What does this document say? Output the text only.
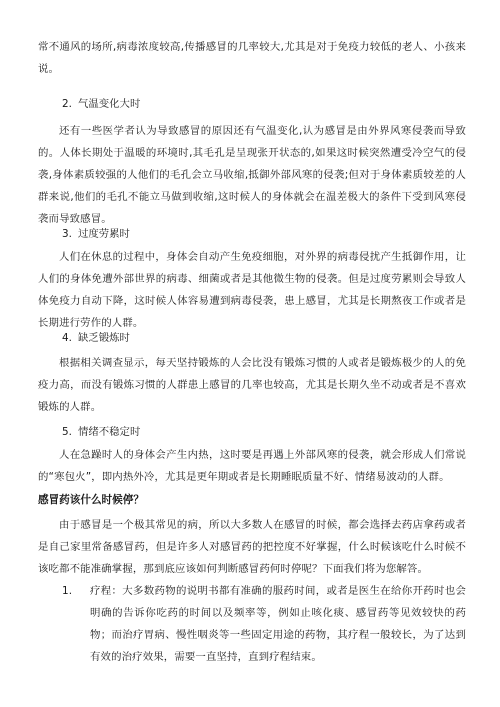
常不通风的场所,病毒浓度较高,传播感冒的几率较大,尤其是对于免疫力较低的老人、小孩来说。

2. 气温变化大时

还有一些医学者认为导致感冒的原因还有气温变化,认为感冒是由外界风寒侵袭而导致的。人体长期处于温暖的环境时,其毛孔是呈现张开状态的,如果这时候突然遭受冷空气的侵袭,身体素质较强的人他们的毛孔会立马收缩,抵御外部风寒的侵袭;但对于身体素质较差的人群来说,他们的毛孔不能立马做到收缩,这时候人的身体就会在温差极大的条件下受到风寒侵袭而导致感冒。

3. 过度劳累时

人们在休息的过程中，身体会自动产生免疫细胞，对外界的病毒侵扰产生抵御作用，让人们的身体免遭外部世界的病毒、细菌或者是其他微生物的侵袭。但是过度劳累则会导致人体免疫力自动下降，这时候人体容易遭到病毒侵袭，患上感冒，尤其是长期熬夜工作或者是长期进行劳作的人群。

4. 缺乏锻炼时

根据相关调查显示，每天坚持锻炼的人会比没有锻炼习惯的人或者是锻炼极少的人的免疫力高，而没有锻炼习惯的人群患上感冒的几率也较高，尤其是长期久坐不动或者是不喜欢锻炼的人群。

5. 情绪不稳定时

人在急躁时人的身体会产生内热，这时要是再遇上外部风寒的侵袭，就会形成人们常说的“寒包火”，即内热外冷，尤其是更年期或者是长期睡眠质量不好、情绪易波动的人群。

感冒药该什么时候停？

由于感冒是一个极其常见的病，所以大多数人在感冒的时候，都会选择去药店拿药或者是自己家里常备感冒药，但是许多人对感冒药的把控度不好掌握，什么时候该吃什么时候不该吃都不能准确掌握，那到底应该如何判断感冒药何时停呢？下面我们将为您解答。

1. 疗程：大多数药物的说明书都有准确的服药时间，或者是医生在给你开药时也会明确的告诉你吃药的时间以及频率等，例如止咳化痰、感冒药等见效较快的药物；而治疗胃病、慢性咽炎等一些固定用途的药物，其疗程一般较长，为了达到有效的治疗效果，需要一直坚持，直到疗程结束。
